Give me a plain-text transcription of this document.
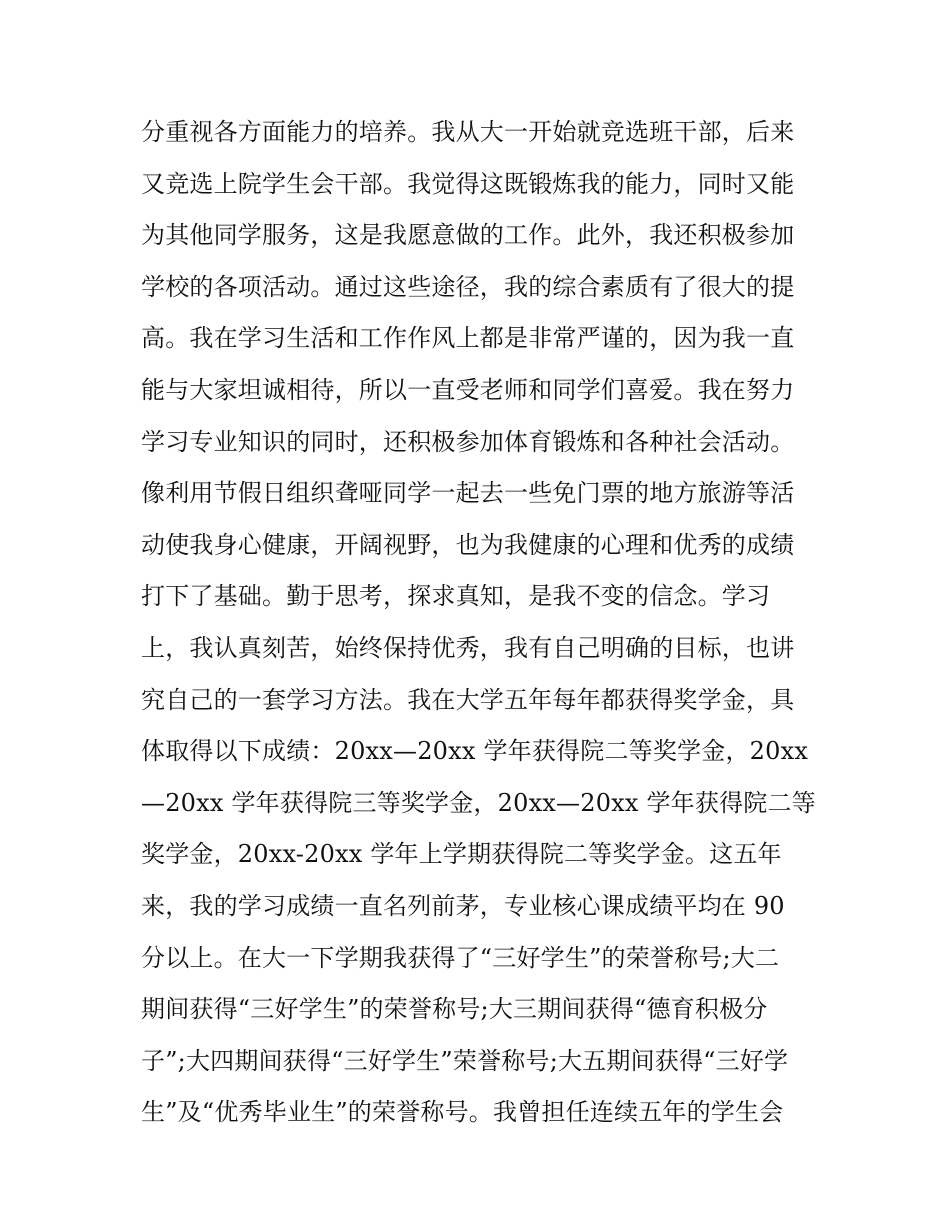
分重视各方面能力的培养。我从大一开始就竞选班干部，后来
又竞选上院学生会干部。我觉得这既锻炼我的能力，同时又能
为其他同学服务，这是我愿意做的工作。此外，我还积极参加
学校的各项活动。通过这些途径，我的综合素质有了很大的提
高。我在学习生活和工作作风上都是非常严谨的，因为我一直
能与大家坦诚相待，所以一直受老师和同学们喜爱。我在努力
学习专业知识的同时，还积极参加体育锻炼和各种社会活动。
像利用节假日组织聋哑同学一起去一些免门票的地方旅游等活
动使我身心健康，开阔视野，也为我健康的心理和优秀的成绩
打下了基础。勤于思考，探求真知，是我不变的信念。学习
上，我认真刻苦，始终保持优秀，我有自己明确的目标，也讲
究自己的一套学习方法。我在大学五年每年都获得奖学金，具
体取得以下成绩：20xx—20xx 学年获得院二等奖学金，20xx
—20xx 学年获得院三等奖学金，20xx—20xx 学年获得院二等
奖学金，20xx-20xx 学年上学期获得院二等奖学金。这五年
来，我的学习成绩一直名列前茅，专业核心课成绩平均在 90
分以上。在大一下学期我获得了“三好学生”的荣誉称号;大二
期间获得“三好学生”的荣誉称号;大三期间获得“德育积极分
子”;大四期间获得“三好学生”荣誉称号;大五期间获得“三好学
生”及“优秀毕业生”的荣誉称号。我曾担任连续五年的学生会
